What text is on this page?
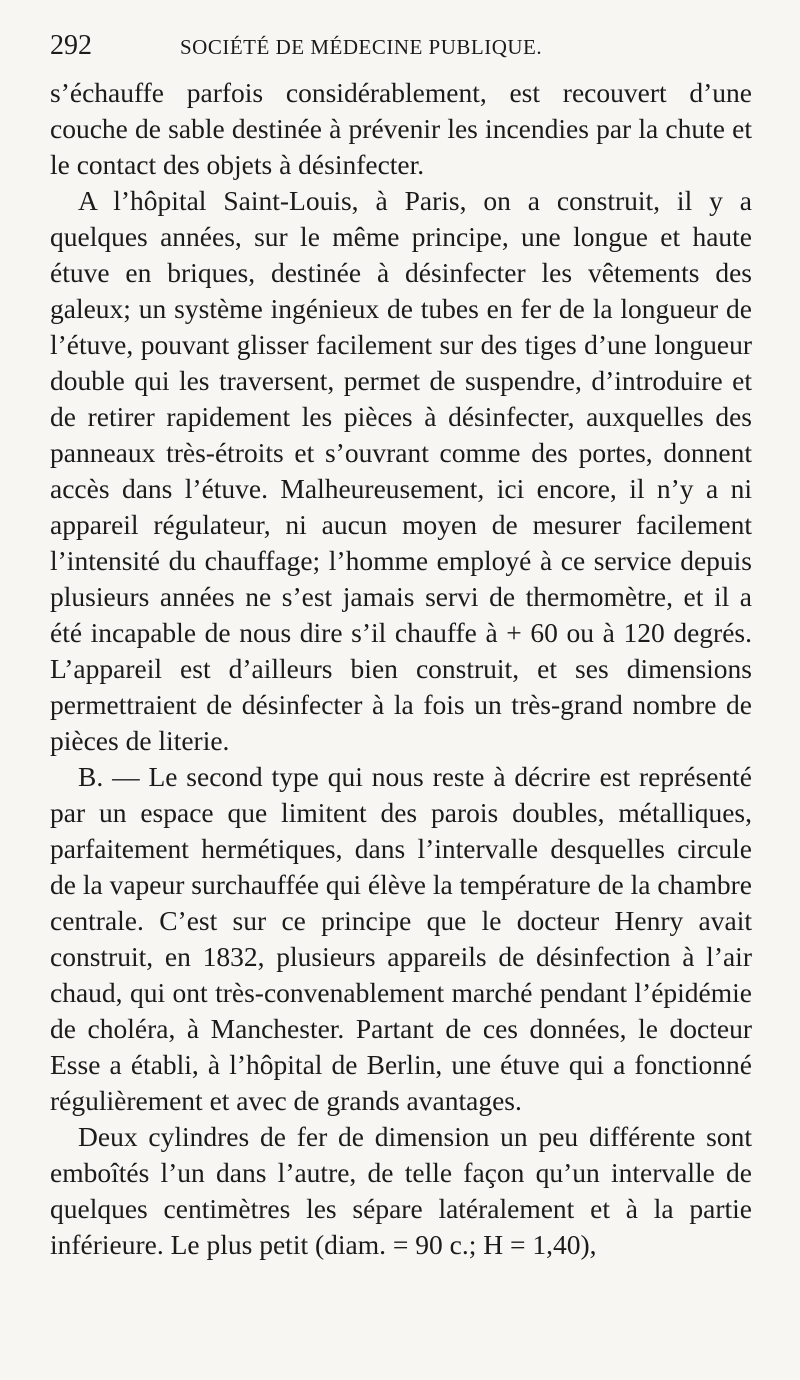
292	SOCIÉTÉ DE MÉDECINE PUBLIQUE.

s’échauffe parfois considérablement, est recouvert d’une couche de sable destinée à prévenir les incendies par la chute et le contact des objets à désinfecter.

A l’hôpital Saint-Louis, à Paris, on a construit, il y a quelques années, sur le même principe, une longue et haute étuve en briques, destinée à désinfecter les vêtements des galeux; un système ingénieux de tubes en fer de la longueur de l’étuve, pouvant glisser facilement sur des tiges d’une longueur double qui les traversent, permet de suspendre, d’introduire et de retirer rapidement les pièces à désinfecter, auxquelles des panneaux très-étroits et s’ouvrant comme des portes, donnent accès dans l’étuve. Malheureusement, ici encore, il n’y a ni appareil régulateur, ni aucun moyen de mesurer facilement l’intensité du chauffage; l’homme employé à ce service depuis plusieurs années ne s’est jamais servi de thermomètre, et il a été incapable de nous dire s’il chauffe à + 60 ou à 120 degrés. L’appareil est d’ailleurs bien construit, et ses dimensions permettraient de désinfecter à la fois un très-grand nombre de pièces de literie.

B. — Le second type qui nous reste à décrire est représenté par un espace que limitent des parois doubles, métalliques, parfaitement hermétiques, dans l’intervalle desquelles circule de la vapeur surchauffée qui élève la température de la chambre centrale. C’est sur ce principe que le docteur Henry avait construit, en 1832, plusieurs appareils de désinfection à l’air chaud, qui ont très-convenablement marché pendant l’épidémie de choléra, à Manchester. Partant de ces données, le docteur Esse a établi, à l’hôpital de Berlin, une étuve qui a fonctionné régulièrement et avec de grands avantages.

Deux cylindres de fer de dimension un peu différente sont emboîtés l’un dans l’autre, de telle façon qu’un intervalle de quelques centimètres les sépare latéralement et à la partie inférieure. Le plus petit (diam. = 90 c.; H = 1,40),
